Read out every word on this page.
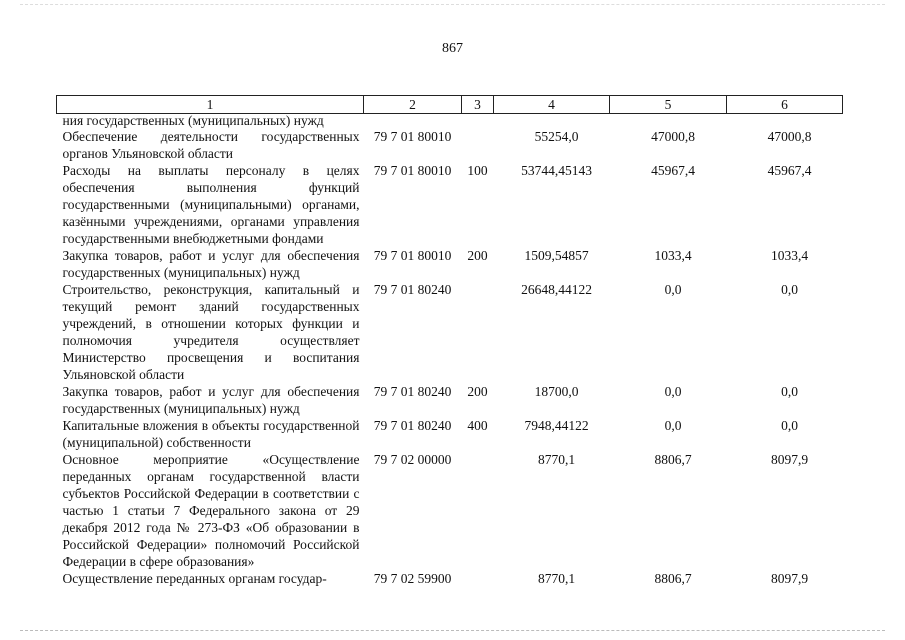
867
1	2	3	4	5	6
ния государственных (муниципальных) нужд					
Обеспечение деятельности государственных органов Ульяновской области	79 7 01 80010		55254,0	47000,8	47000,8
Расходы на выплаты персоналу в целях обеспечения выполнения функций государственными (муниципальными) органами, казёнными учреждениями, органами управления государственными внебюджетными фондами	79 7 01 80010	100	53744,45143	45967,4	45967,4
Закупка товаров, работ и услуг для обеспечения государственных (муниципальных) нужд	79 7 01 80010	200	1509,54857	1033,4	1033,4
Строительство, реконструкция, капитальный и текущий ремонт зданий государственных учреждений, в отношении которых функции и полномочия учредителя осуществляет Министерство просвещения и воспитания Ульяновской области	79 7 01 80240		26648,44122	0,0	0,0
Закупка товаров, работ и услуг для обеспечения государственных (муниципальных) нужд	79 7 01 80240	200	18700,0	0,0	0,0
Капитальные вложения в объекты государственной (муниципальной) собственности	79 7 01 80240	400	7948,44122	0,0	0,0
Основное мероприятие «Осуществление переданных органам государственной власти субъектов Российской Федерации в соответствии с частью 1 статьи 7 Федерального закона от 29 декабря 2012 года № 273-ФЗ «Об образовании в Российской Федерации» полномочий Российской Федерации в сфере образования»	79 7 02 00000		8770,1	8806,7	8097,9
Осуществление переданных органам государ-	79 7 02 59900		8770,1	8806,7	8097,9
